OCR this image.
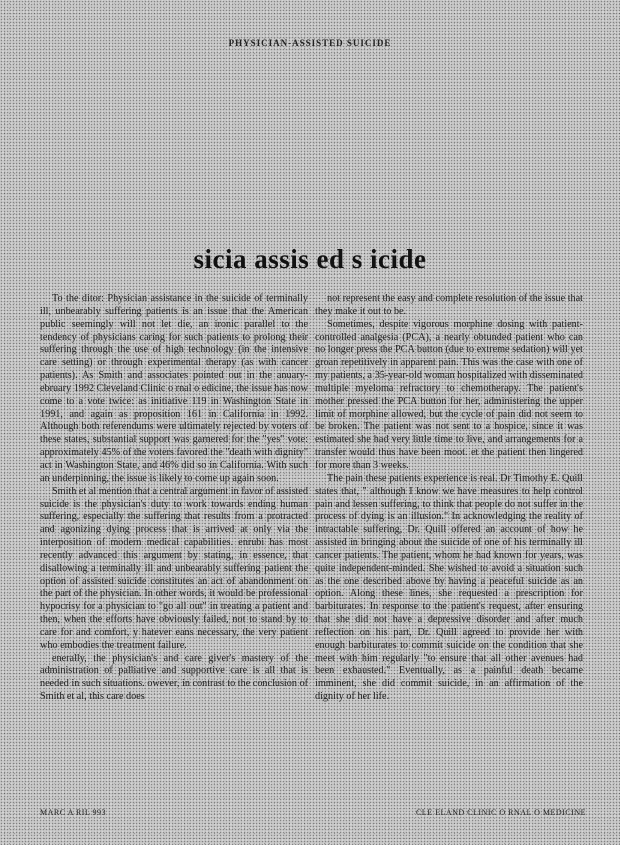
PHYSICIAN-ASSISTED SUICIDE
sicia assis ed s icide

To the ditor: Physician assistance in the suicide of terminally ill, unbearably suffering patients is an issue that the American public seemingly will not let die, an ironic parallel to the tendency of physicians caring for such patients to prolong their suffering through the use of high technology (in the intensive care setting) or through experimental therapy (as with cancer patients). As Smith and associates pointed out in the anuary- ebruary 1992 Cleveland Clinic o rnal o edicine, the issue has now come to a vote twice: as initiative 119 in Washington State in 1991, and again as proposition 161 in California in 1992. Although both referendums were ultimately rejected by voters of these states, substantial support was garnered for the "yes" vote: approximately 45% of the voters favored the "death with dignity" act in Washington State, and 46% did so in California. With such an underpinning, the issue is likely to come up again soon.

Smith et al mention that a central argument in favor of assisted suicide is the physician's duty to work towards ending human suffering, especially the suffering that results from a protracted and agonizing dying process that is arrived at only via the interposition of modern medical capabilities. enrubi has most recently advanced this argument by stating, in essence, that disallowing a terminally ill and unbearably suffering patient the option of assisted suicide constitutes an act of abandonment on the part of the physician. In other words, it would be professional hypocrisy for a physician to "go all out" in treating a patient and then, when the efforts have obviously failed, not to stand by to care for and comfort, y hatever eans necessary, the very patient who embodies the treatment failure.

enerally, the physician's and care giver's mastery of the administration of palliative and supportive care is all that is needed in such situations. owever, in contrast to the conclusion of Smith et al, this care does

not represent the easy and complete resolution of the issue that they make it out to be.

Sometimes, despite vigorous morphine dosing with patient-controlled analgesia (PCA), a nearly obtunded patient who can no longer press the PCA button (due to extreme sedation) will yet groan repetitively in apparent pain. This was the case with one of my patients, a 35-year-old woman hospitalized with disseminated multiple myeloma refractory to chemotherapy. The patient's mother pressed the PCA button for her, administering the upper limit of morphine allowed, but the cycle of pain did not seem to be broken. The patient was not sent to a hospice, since it was estimated she had very little time to live, and arrangements for a transfer would thus have been moot. et the patient then lingered for more than 3 weeks.

The pain these patients experience is real. Dr Timothy E. Quill states that, " although I know we have measures to help control pain and lessen suffering, to think that people do not suffer in the process of dying is an illusion." In acknowledging the reality of intractable suffering, Dr. Quill offered an account of how he assisted in bringing about the suicide of one of his terminally ill cancer patients. The patient, whom he had known for years, was quite independent-minded. She wished to avoid a situation such as the one described above by having a peaceful suicide as an option. Along these lines, she requested a prescription for barbiturates. In response to the patient's request, after ensuring that she did not have a depressive disorder and after much reflection on his part, Dr. Quill agreed to provide her with enough barbiturates to commit suicide on the condition that she meet with him regularly "to ensure that all other avenues had been exhausted." Eventually, as a painful death became imminent, she did commit suicide, in an affirmation of the dignity of her life.

MARC A RIL 993	CLE ELAND CLINIC O RNAL O MEDICINE
